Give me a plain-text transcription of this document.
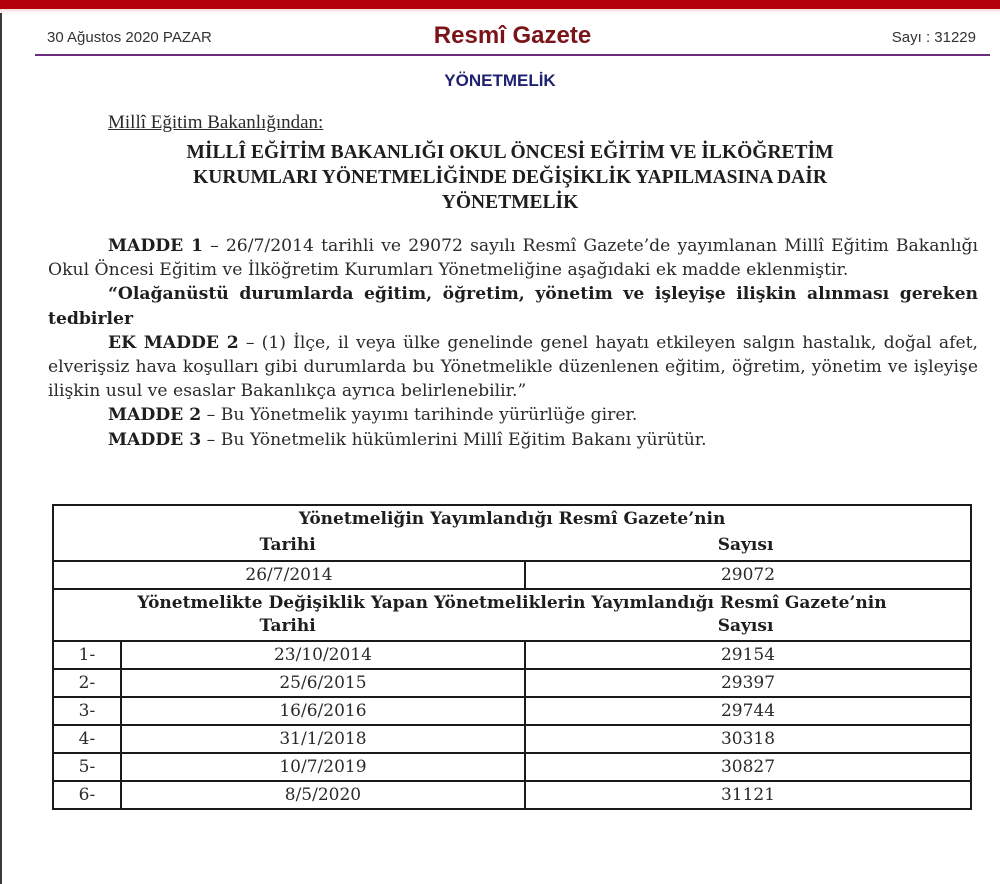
30 Ağustos 2020 PAZAR	Resmî Gazete	Sayı : 31229
YÖNETMELİK
Millî Eğitim Bakanlığından:
MİLLÎ EĞİTİM BAKANLIĞI OKUL ÖNCESİ EĞİTİM VE İLKÖĞRETİM
KURUMLARI YÖNETMELİĞİNDE DEĞİŞİKLİK YAPILMASINA DAİR
YÖNETMELİK

MADDE 1 – 26/7/2014 tarihli ve 29072 sayılı Resmî Gazete’de yayımlanan Millî Eğitim Bakanlığı Okul Öncesi Eğitim ve İlköğretim Kurumları Yönetmeliğine aşağıdaki ek madde eklenmiştir.

“Olağanüstü durumlarda eğitim, öğretim, yönetim ve işleyişe ilişkin alınması gereken tedbirler

EK MADDE 2 – (1) İlçe, il veya ülke genelinde genel hayatı etkileyen salgın hastalık, doğal afet, elverişsiz hava koşulları gibi durumlarda bu Yönetmelikle düzenlenen eğitim, öğretim, yönetim ve işleyişe ilişkin usul ve esaslar Bakanlıkça ayrıca belirlenebilir.”

MADDE 2 – Bu Yönetmelik yayımı tarihinde yürürlüğe girer.

MADDE 3 – Bu Yönetmelik hükümlerini Millî Eğitim Bakanı yürütür.

Yönetmeliğin Yayımlandığı Resmî Gazete’nin
Tarihi Sayısı		

26/7/2014		29072

Yönetmelikte Değişiklik Yapan Yönetmeliklerin Yayımlandığı Resmî Gazete’nin
Tarihi Sayısı		

1-	23/10/2014	29154
2-	25/6/2015	29397
3-	16/6/2016	29744
4-	31/1/2018	30318
5-	10/7/2019	30827
6-	8/5/2020	31121
